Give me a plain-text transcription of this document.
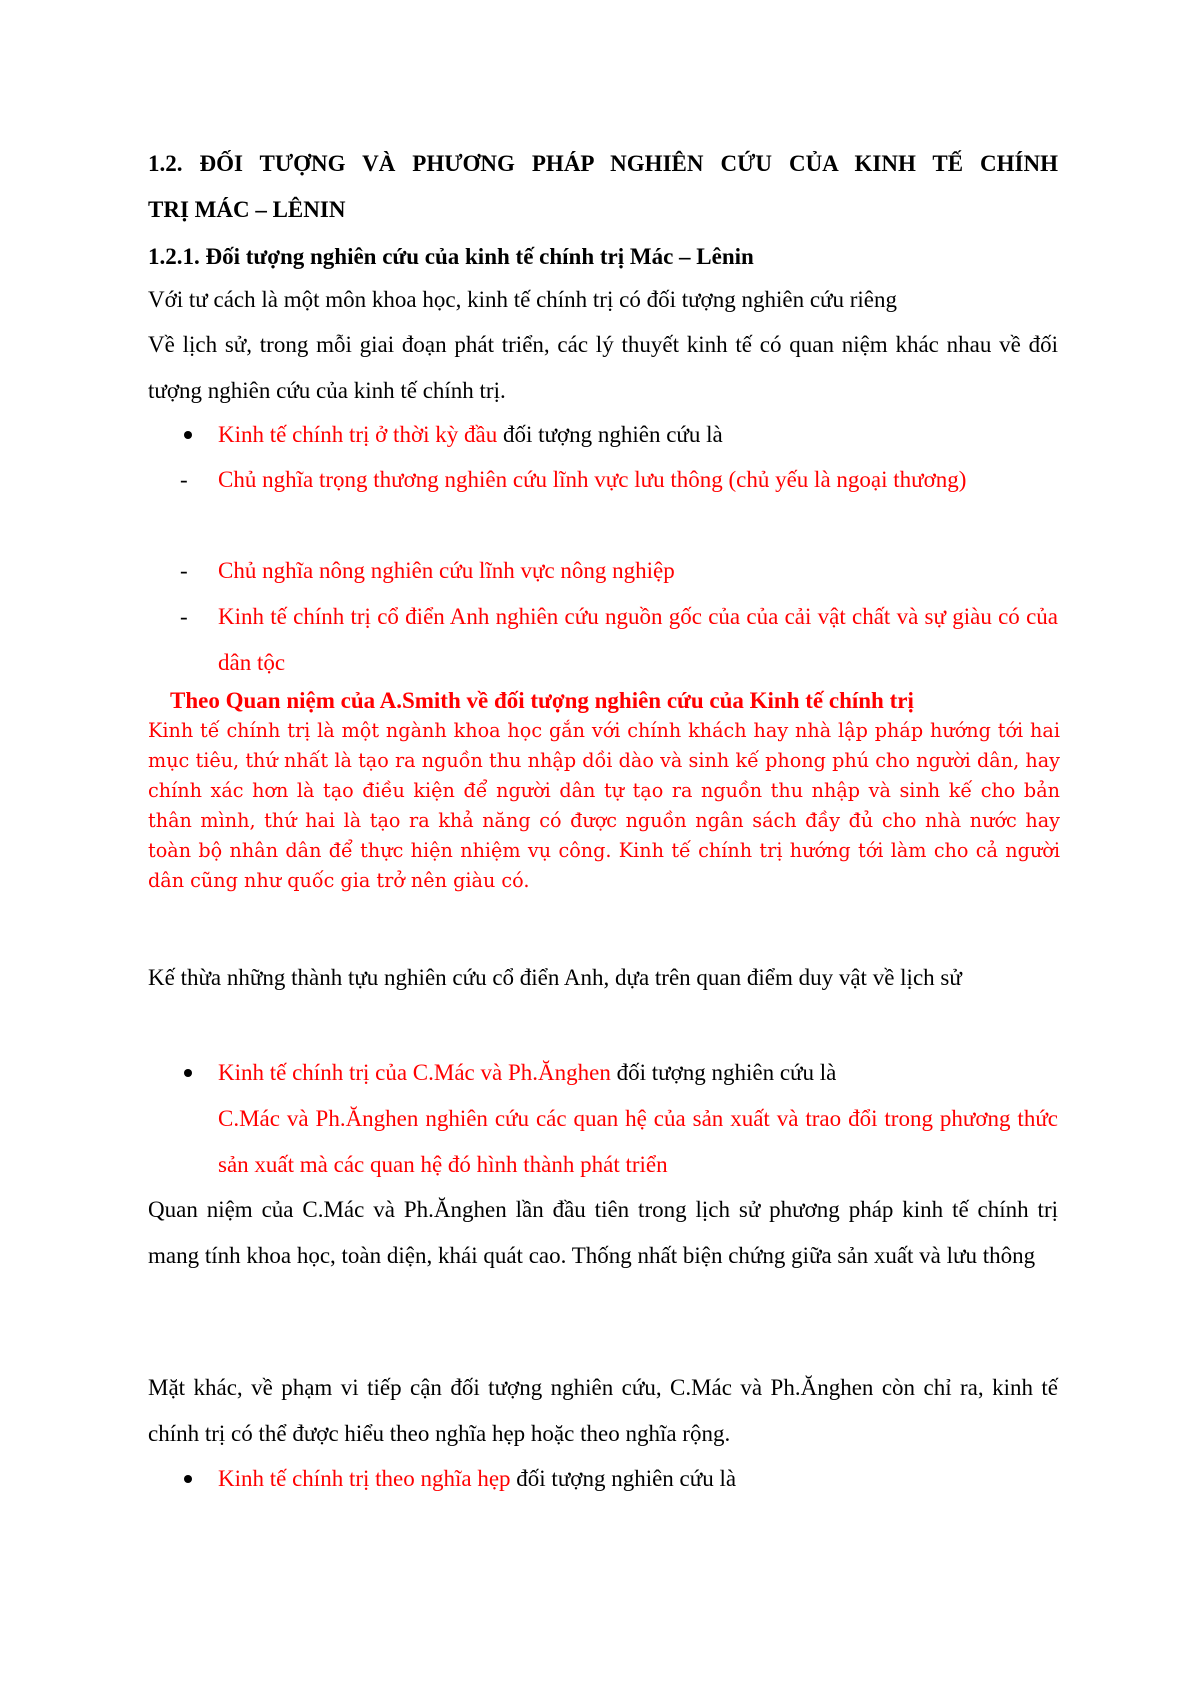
1.2. ĐỐI TƯỢNG VÀ PHƯƠNG PHÁP NGHIÊN CỨU CỦA KINH TẾ CHÍNH
TRỊ MÁC – LÊNIN
1.2.1. Đối tượng nghiên cứu của kinh tế chính trị Mác – Lênin

Với tư cách là một môn khoa học, kinh tế chính trị có đối tượng nghiên cứu riêng

Về lịch sử, trong mỗi giai đoạn phát triển, các lý thuyết kinh tế có quan niệm khác nhau về đối tượng nghiên cứu của kinh tế chính trị.

Kinh tế chính trị ở thời kỳ đầu đối tượng nghiên cứu là
- Chủ nghĩa trọng thương nghiên cứu lĩnh vực lưu thông (chủ yếu là ngoại thương)
- Chủ nghĩa nông nghiên cứu lĩnh vực nông nghiệp
- Kinh tế chính trị cổ điển Anh nghiên cứu nguồn gốc của của cải vật chất và sự giàu có của dân tộc
Theo Quan niệm của A.Smith về đối tượng nghiên cứu của Kinh tế chính trị

Kinh tế chính trị là một ngành khoa học gắn với chính khách hay nhà lập pháp hướng tới hai mục tiêu, thứ nhất là tạo ra nguồn thu nhập dồi dào và sinh kế phong phú cho người dân, hay chính xác hơn là tạo điều kiện để người dân tự tạo ra nguồn thu nhập và sinh kế cho bản thân mình, thứ hai là tạo ra khả năng có được nguồn ngân sách đầy đủ cho nhà nước hay toàn bộ nhân dân để thực hiện nhiệm vụ công. Kinh tế chính trị hướng tới làm cho cả người dân cũng như quốc gia trở nên giàu có.

Kế thừa những thành tựu nghiên cứu cổ điển Anh, dựa trên quan điểm duy vật về lịch sử

Kinh tế chính trị của C.Mác và Ph.Ănghen đối tượng nghiên cứu là
C.Mác và Ph.Ănghen nghiên cứu các quan hệ của sản xuất và trao đổi trong phương thức sản xuất mà các quan hệ đó hình thành phát triển

Quan niệm của C.Mác và Ph.Ănghen lần đầu tiên trong lịch sử phương pháp kinh tế chính trị mang tính khoa học, toàn diện, khái quát cao. Thống nhất biện chứng giữa sản xuất và lưu thông

Mặt khác, về phạm vi tiếp cận đối tượng nghiên cứu, C.Mác và Ph.Ănghen còn chỉ ra, kinh tế chính trị có thể được hiểu theo nghĩa hẹp hoặc theo nghĩa rộng.

Kinh tế chính trị theo nghĩa hẹp đối tượng nghiên cứu là
